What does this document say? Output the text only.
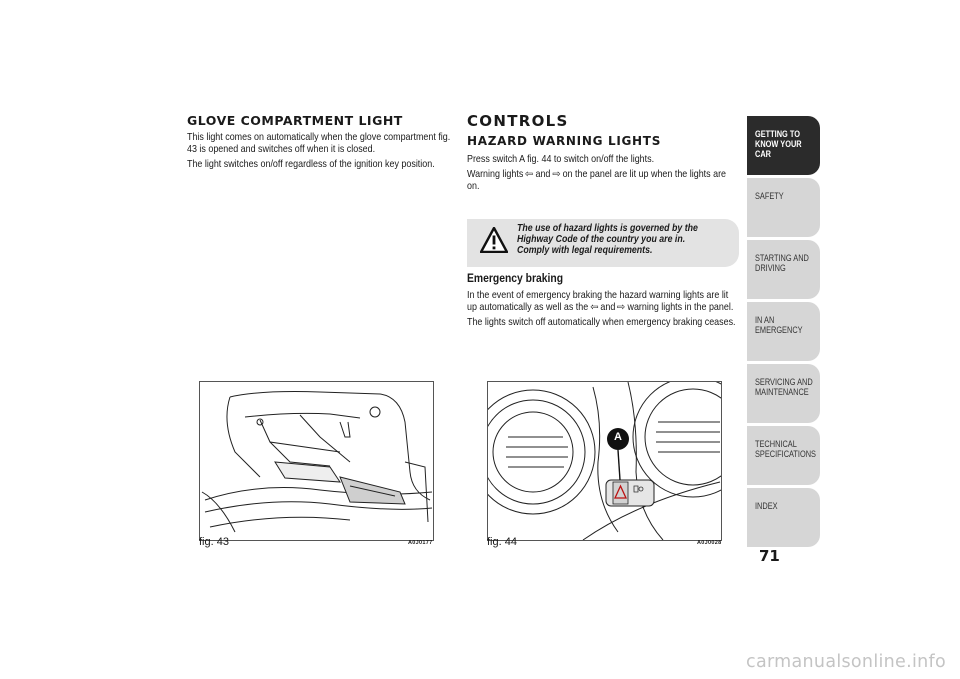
GLOVE COMPARTMENT LIGHT

This light comes on automatically when the glove compartment fig. 43 is opened and switches off when it is closed.

The light switches on/off regardless of the ignition key position.

CONTROLS
HAZARD WARNING LIGHTS

Press switch A fig. 44 to switch on/off the lights.

Warning lights ⇦ and ⇨ on the panel are lit up when the lights are on.

Emergency braking

In the event of emergency braking the hazard warning lights are lit up automatically as well as the ⇦ and ⇨ warning lights in the panel.

The lights switch off automatically when emergency braking ceases.

The use of hazard lights is governed by the Highway Code of the country you are in. Comply with legal requirements.
fig. 43	A0J0177
A
fig. 44	A0J0028
GETTING TO KNOW YOUR CAR
SAFETY
STARTING AND DRIVING
IN AN EMERGENCY
SERVICING AND MAINTENANCE
TECHNICAL SPECIFICATIONS
INDEX
71
carmanualsonline.info
